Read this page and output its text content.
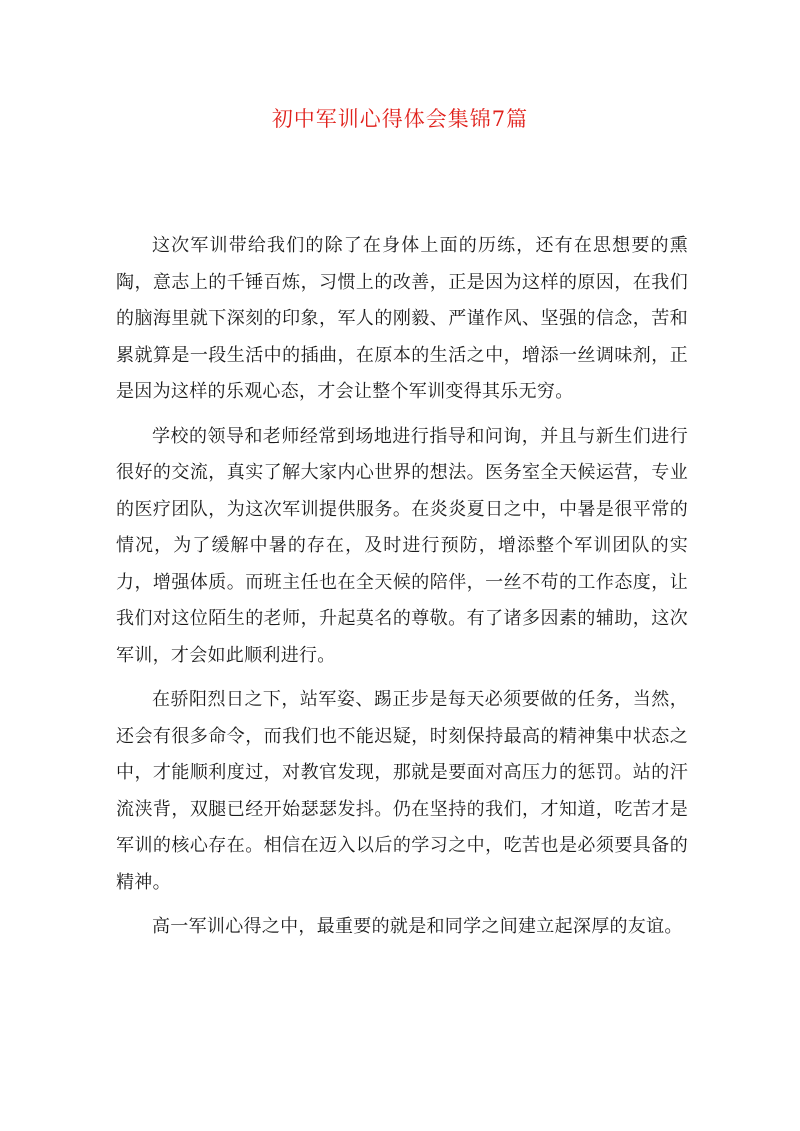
初中军训心得体会集锦7篇

这次军训带给我们的除了在身体上面的历练，还有在思想要的熏陶，意志上的千锤百炼，习惯上的改善，正是因为这样的原因，在我们的脑海里就下深刻的印象，军人的刚毅、严谨作风、坚强的信念，苦和累就算是一段生活中的插曲，在原本的生活之中，增添一丝调味剂，正是因为这样的乐观心态，才会让整个军训变得其乐无穷。

学校的领导和老师经常到场地进行指导和问询，并且与新生们进行很好的交流，真实了解大家内心世界的想法。医务室全天候运营，专业的医疗团队，为这次军训提供服务。在炎炎夏日之中，中暑是很平常的情况，为了缓解中暑的存在，及时进行预防，增添整个军训团队的实力，增强体质。而班主任也在全天候的陪伴，一丝不苟的工作态度，让我们对这位陌生的老师，升起莫名的尊敬。有了诸多因素的辅助，这次军训，才会如此顺利进行。

在骄阳烈日之下，站军姿、踢正步是每天必须要做的任务，当然，还会有很多命令，而我们也不能迟疑，时刻保持最高的精神集中状态之中，才能顺利度过，对教官发现，那就是要面对高压力的惩罚。站的汗流浃背，双腿已经开始瑟瑟发抖。仍在坚持的我们，才知道，吃苦才是军训的核心存在。相信在迈入以后的学习之中，吃苦也是必须要具备的精神。

高一军训心得之中，最重要的就是和同学之间建立起深厚的友谊。
